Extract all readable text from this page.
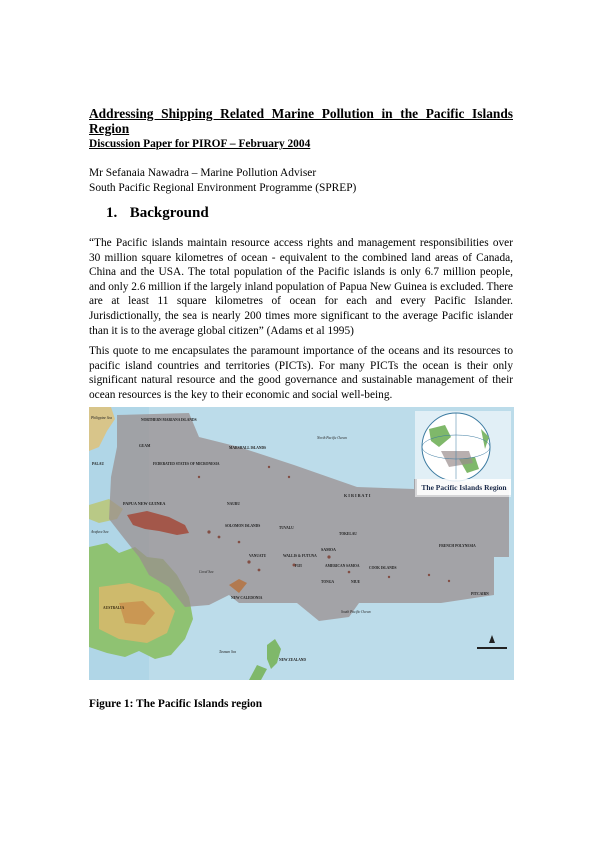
Addressing Shipping Related Marine Pollution in the Pacific Islands Region
Discussion Paper for PIROF – February 2004
Mr Sefanaia Nawadra – Marine Pollution Adviser
South Pacific Regional Environment Programme (SPREP)
1. Background
“The Pacific islands maintain resource access rights and management responsibilities over 30 million square kilometres of ocean - equivalent to the combined land areas of Canada, China and the USA. The total population of the Pacific islands is only 6.7 million people, and only 2.6 million if the largely inland population of Papua New Guinea is excluded. There are at least 11 square kilometres of ocean for each and every Pacific Islander. Jurisdictionally, the sea is nearly 200 times more significant to the average Pacific islander than it is to the average global citizen” (Adams et al 1995)
This quote to me encapsulates the paramount importance of the oceans and its resources to pacific island countries and territories (PICTs). For many PICTs the ocean is their only significant natural resource and the good governance and sustainable management of their ocean resources is the key to their economic and social well-being.
The Pacific Islands Region
Philippine Sea	NORTHERN MARIANA ISLANDS
GUAM	MARSHALL ISLANDS
PALAU	FEDERATED STATES OF MICRONESIA
North Pacific Ocean
K I R I B A T I
PAPUA NEW GUINEA	NAURU
SOLOMON ISLANDS	TUVALU
TOKELAU
VANUATU	WALLIS & FUTUNA
SAMOA
AMERICAN SAMOA	COOK ISLANDS
FRENCH POLYNESIA
FIJI
TONGA	NIUE
NEW CALEDONIA
AUSTRALIA
South Pacific Ocean
PITCAIRN
NEW ZEALAND
Arafura Sea
Coral Sea
Tasman Sea
Figure 1: The Pacific Islands region
